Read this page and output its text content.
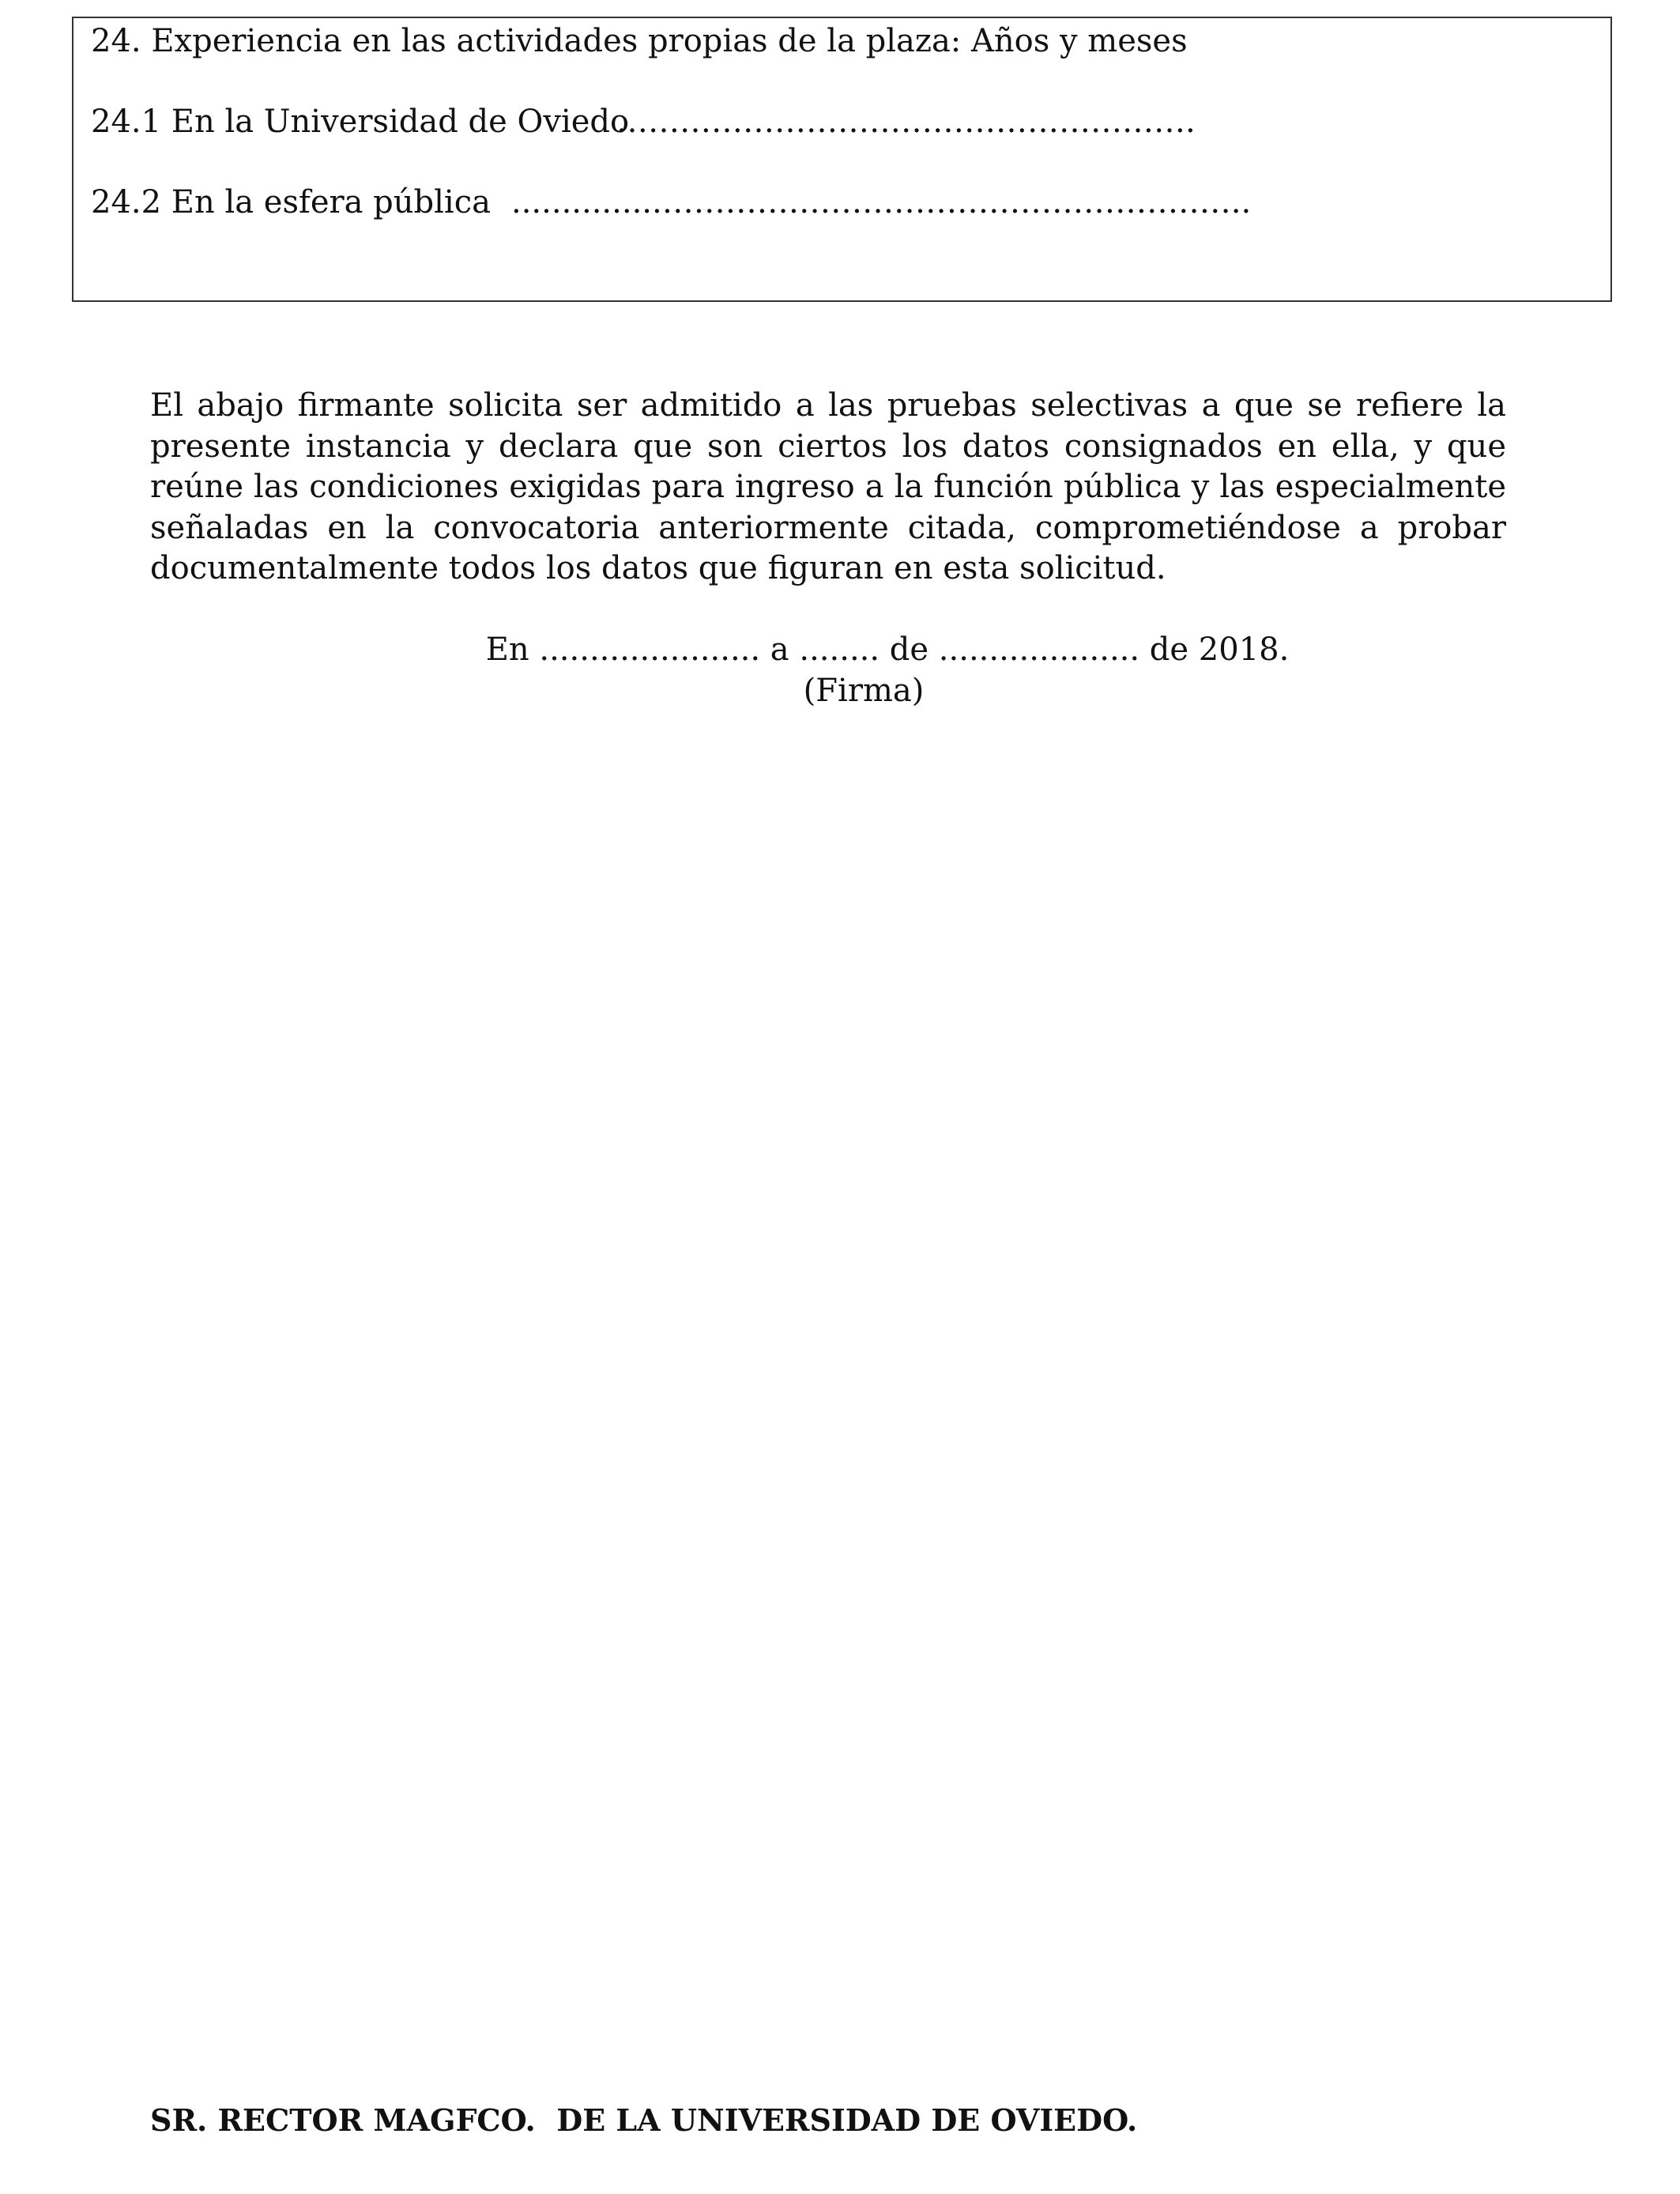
24. Experiencia en las actividades propias de la plaza: Años y meses
24.1 En la Universidad de Oviedo……………………………………………….
24.2 En la esfera pública ...............………………………………………………..
El abajo firmante solicita ser admitido a las pruebas selectivas a que se refiere la presente instancia y declara que son ciertos los datos consignados en ella, y que reúne las condiciones exigidas para ingreso a la función pública y las especialmente señaladas en la convocatoria anteriormente citada, comprometiéndose a probar documentalmente todos los datos que figuran en esta solicitud.
En ...................... a ........ de .................... de 2018.
(Firma)
SR. RECTOR MAGFCO.  DE LA UNIVERSIDAD DE OVIEDO.
